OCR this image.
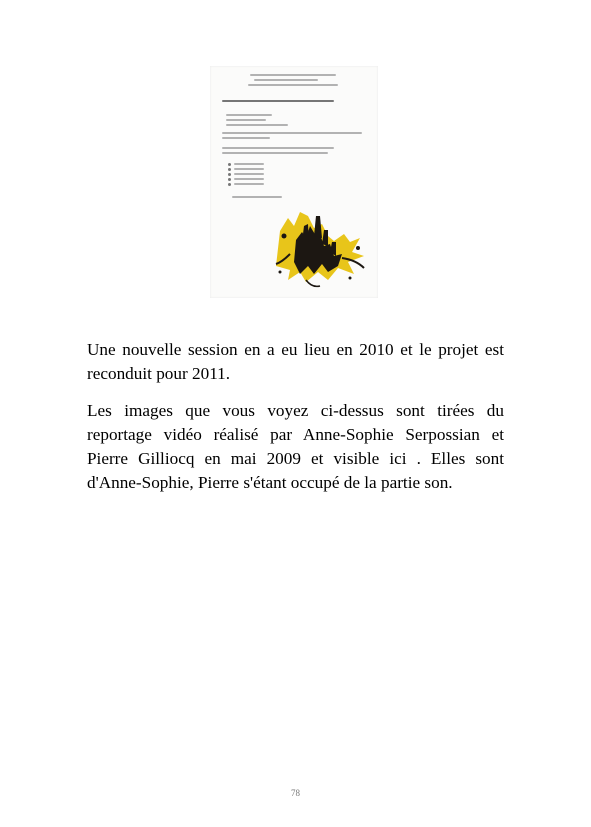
Une nouvelle session en a eu lieu en 2010 et le projet est reconduit pour 2011.

Les images que vous voyez ci-dessus sont tirées du reportage vidéo réalisé par Anne-Sophie Serpossian et Pierre Gilliocq en mai 2009 et visible ici . Elles sont d'Anne-Sophie, Pierre s'étant occupé de la partie son.

78
